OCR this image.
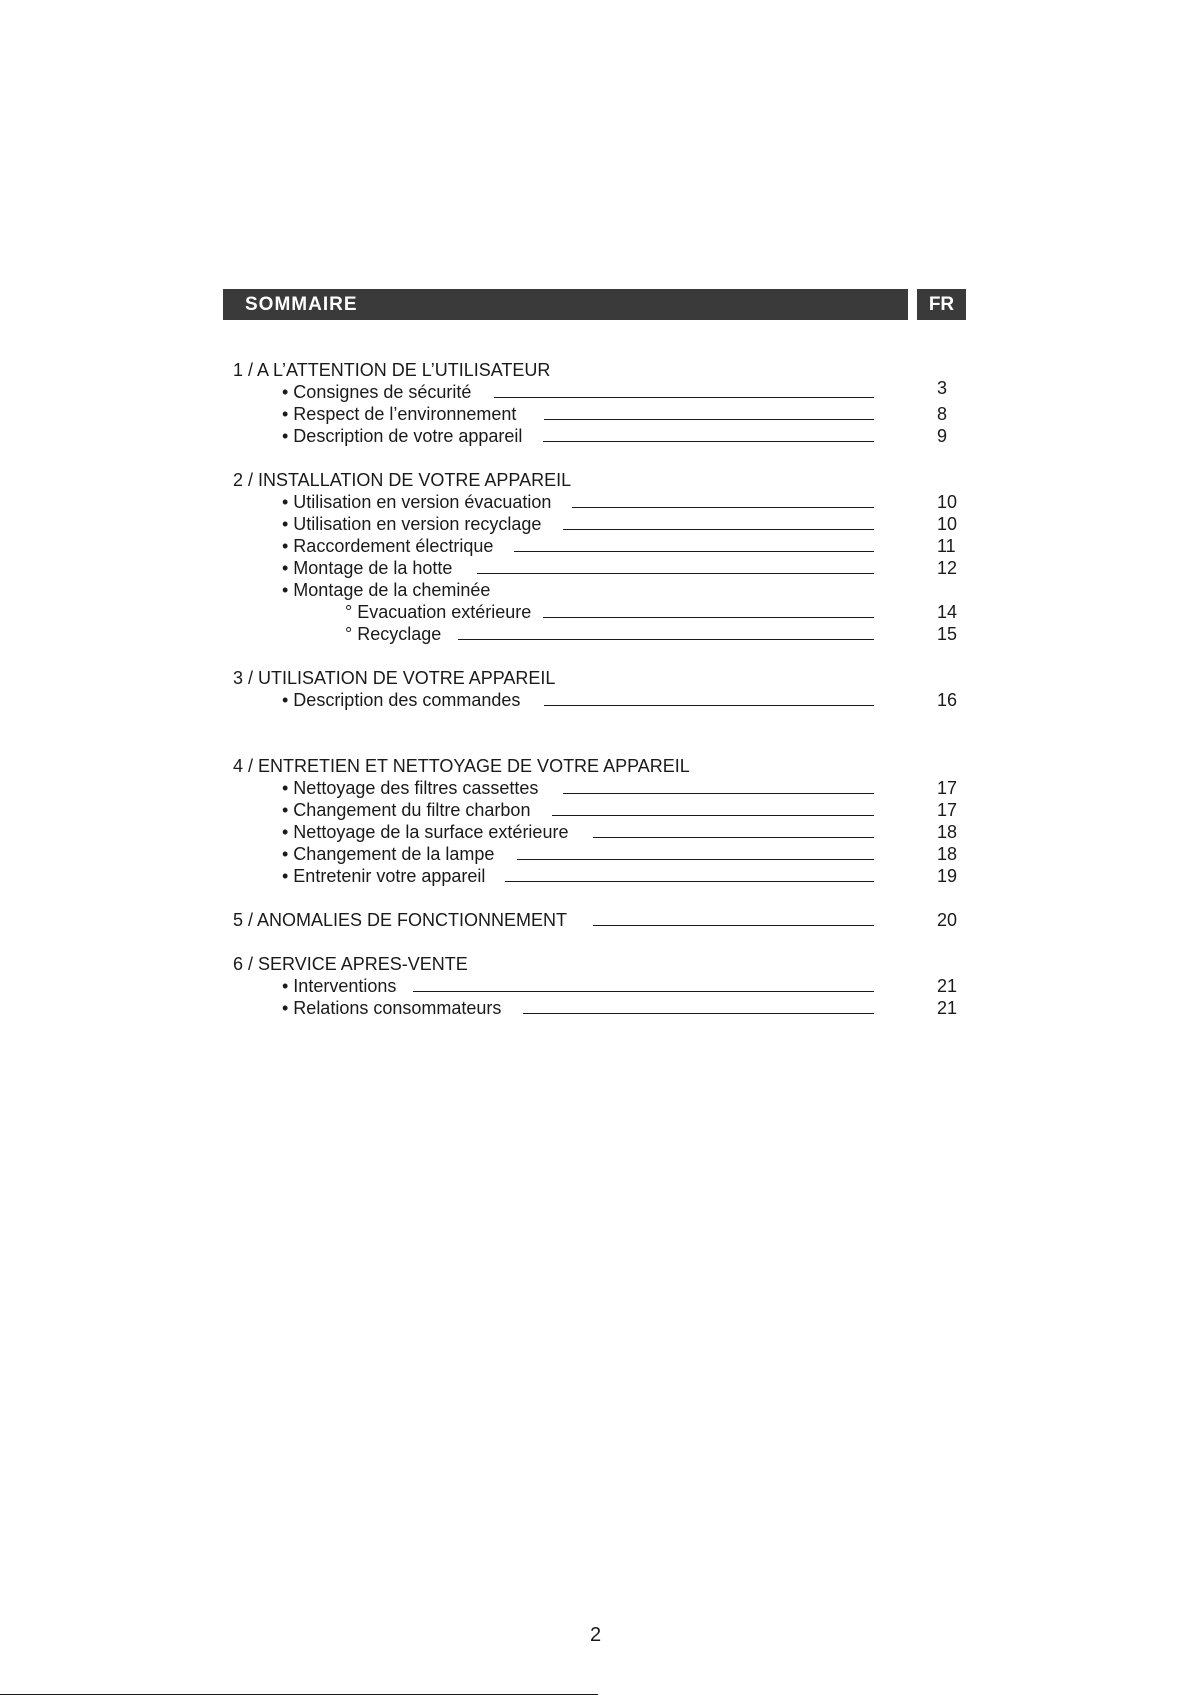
SOMMAIRE	FR
1 / A L’ATTENTION DE L’UTILISATEUR
• Consignes de sécurité	3
• Respect de l’environnement	8
• Description de votre appareil	9
2 / INSTALLATION DE VOTRE APPAREIL
• Utilisation en version évacuation	10
• Utilisation en version recyclage	10
• Raccordement électrique	11
• Montage de la hotte	12
• Montage de la cheminée
° Evacuation extérieure	14
° Recyclage	15
3 / UTILISATION DE VOTRE APPAREIL
• Description des commandes	16
4 / ENTRETIEN ET NETTOYAGE DE VOTRE APPAREIL
• Nettoyage des filtres cassettes	17
• Changement du filtre charbon	17
• Nettoyage de la surface extérieure	18
• Changement de la lampe	18
• Entretenir votre appareil	19
5 / ANOMALIES DE FONCTIONNEMENT	20
6 / SERVICE APRES-VENTE
• Interventions	21
• Relations consommateurs	21
2
